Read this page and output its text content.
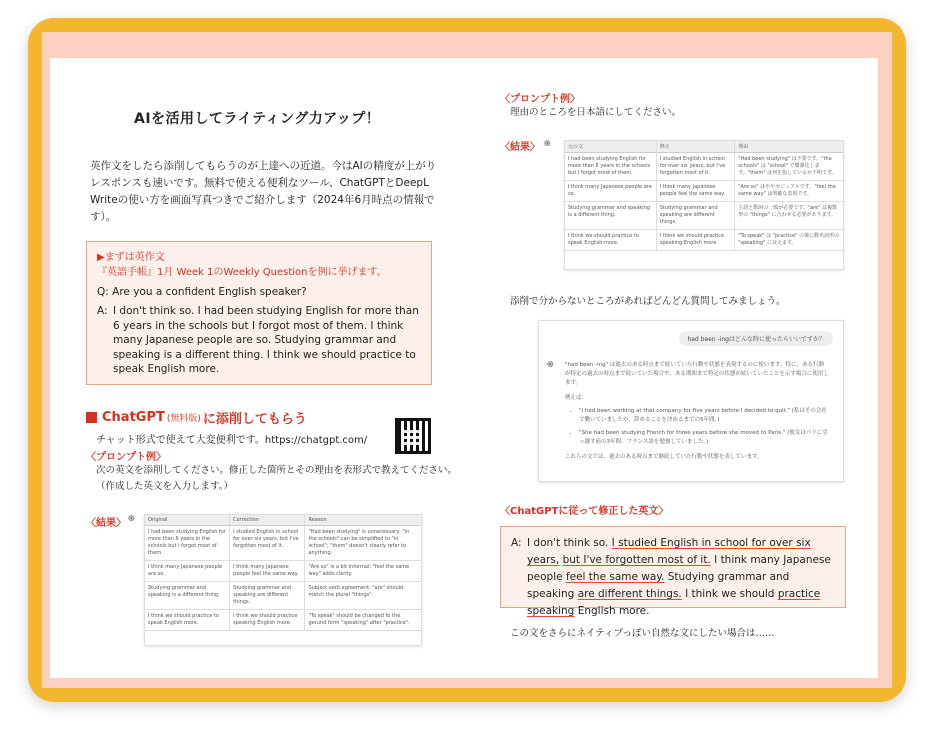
AIを活用してライティング力アップ！
英作文をしたら添削してもらうのが上達への近道。今はAIの精度が上がりレスポンスも速いです。無料で使える便利なツール、ChatGPTとDeepL Writeの使い方を画面写真つきでご紹介します（2024年6月時点の情報です）。
▶まずは英作文
『英語手帳』1月 Week 1のWeekly Questionを例に挙げます。
Q: Are you a confident English speaker?
A: I don't think so. I had been studying English for more than 6 years in the schools but I forgot most of them. I think many Japanese people are so. Studying grammar and speaking is a different thing. I think we should practice to speak English more.
ChatGPT (無料版) に添削してもらう
チャット形式で使えて大変便利です。https://chatgpt.com/
〈プロンプト例〉
次の英文を添削してください。修正した箇所とその理由を表形式で教えてください。
（作成した英文を入力します。）
〈結果〉 ֍	Original	Correction	Reason
I had been studying English for more than 6 years in the schools but I forgot most of them.	I studied English in school for over six years, but I've forgotten most of it.	"Had been studying" is unnecessary; "in the schools" can be simplified to "in school"; "them" doesn't clearly refer to anything.
I think many Japanese people are so.	I think many Japanese people feel the same way.	"Are so" is a bit informal; "feel the same way" adds clarity.
Studying grammar and speaking is a different thing.	Studying grammar and speaking are different things.	Subject-verb agreement: "are" should match the plural "things".
I think we should practice to speak English more.	I think we should practice speaking English more.	"To speak" should be changed to the gerund form "speaking" after "practice".
〈プロンプト例〉
理由のところを日本語にしてください。
〈結果〉 ֍	元の文	修正	理由
I had been studying English for more than 6 years in the schools but I forgot most of them.	I studied English in school for over six years, but I've forgotten most of it.	"Had been studying" は不要です。"the schools" は "school" で簡潔化します。"them" は何を指しているか不明です。
I think many Japanese people are so.	I think many Japanese people feel the same way.	"Are so" はややカジュアルです。"feel the same way" は明確な表現です。
Studying grammar and speaking is a different thing.	Studying grammar and speaking are different things.	主語と動詞の一致が必要です。"are" は複数形の "things" に合わせる必要があります。
I think we should practice to speak English more.	I think we should practice speaking English more.	"To speak" は "practice" の後に動名詞形の "speaking" に変えます。
添削で分からないところがあればどんどん質問してみましょう。
had been -ingはどんな時に使ったらいいですか？
֍ "had been -ing" は過去のある時点まで続いていた行動や状態を表現するのに使います。特に、ある行動が特定の過去の時点まで続いていた場合や、ある期間まで特定の状態が続いていたことを示す場合に使用します。
例えば：
• "I had been working at that company for five years before I decided to quit." (私はその会社で働いていましたが、辞めることを決めるまでの5年間。)
• "She had been studying French for three years before she moved to Paris." (彼女はパリに引っ越す前の3年間、フランス語を勉強していました。)
これらの文では、過去のある時点まで継続していた行動や状態を表しています。
〈ChatGPTに従って修正した英文〉
A: I don't think so. I studied English in school for over six years, but I've forgotten most of it. I think many Japanese people feel the same way. Studying grammar and speaking are different things. I think we should practice speaking English more.
この文をさらにネイティブっぽい自然な文にしたい場合は……
